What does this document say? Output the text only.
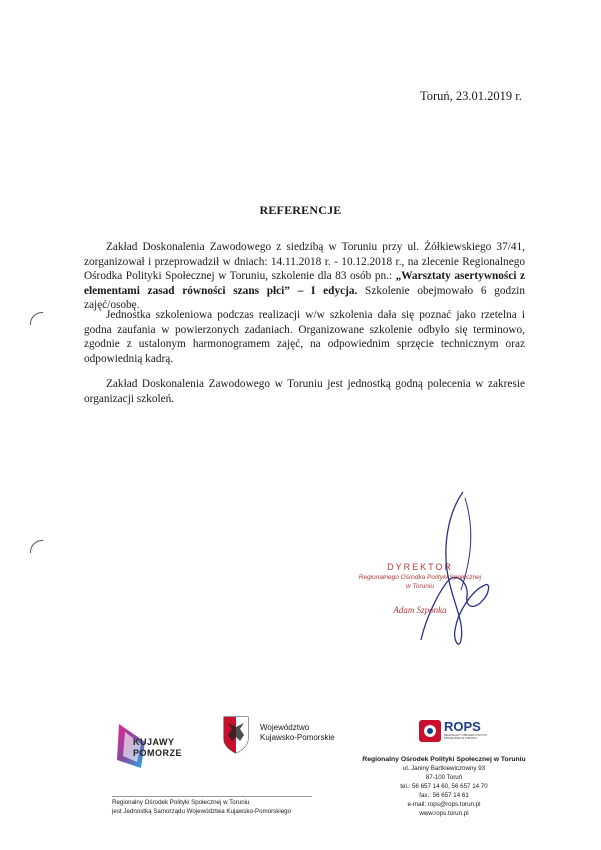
Toruń, 23.01.2019 r.
REFERENCJE
Zakład Doskonalenia Zawodowego z siedzibą w Toruniu przy ul. Żółkiewskiego 37/41, zorganizował i przeprowadził w dniach: 14.11.2018 r. - 10.12.2018 r., na zlecenie Regionalnego Ośrodka Polityki Społecznej w Toruniu, szkolenie dla 83 osób pn.: „Warsztaty asertywności z elementami zasad równości szans płci” – I edycja. Szkolenie obejmowało 6 godzin zajęć/osobę.
Jednostka szkoleniowa podczas realizacji w/w szkolenia dała się poznać jako rzetelna i godna zaufania w powierzonych zadaniach. Organizowane szkolenie odbyło się terminowo, zgodnie z ustalonym harmonogramem zajęć, na odpowiednim sprzęcie technicznym oraz odpowiednią kadrą.
Zakład Doskonalenia Zawodowego w Toruniu jest jednostką godną polecenia w zakresie organizacji szkoleń.
DYREKTOR
Regionalnego Ośrodka Polityki Społecznej
w Toruniu
Adam Szponka
KUJAWY
POMORZE
Województwo
Kujawsko-Pomorskie
ROPS
REGIONALNY OŚRODEK POLITYKI SPOŁECZNEJ W TORUNIU
Regionalny Ośrodek Polityki Społecznej w Toruniu
ul. Janiny Bartkiewiczówny 93
87-100 Toruń
tel.: 56 657 14 60, 56 657 14 70
fax.: 56 657 14 61
e-mail: rops@rops.torun.pl
www.rops.torun.pl
Regionalny Ośrodek Polityki Społecznej w Toruniu
jest Jednostką Samorządu Województwa Kujawsko-Pomorskiego
